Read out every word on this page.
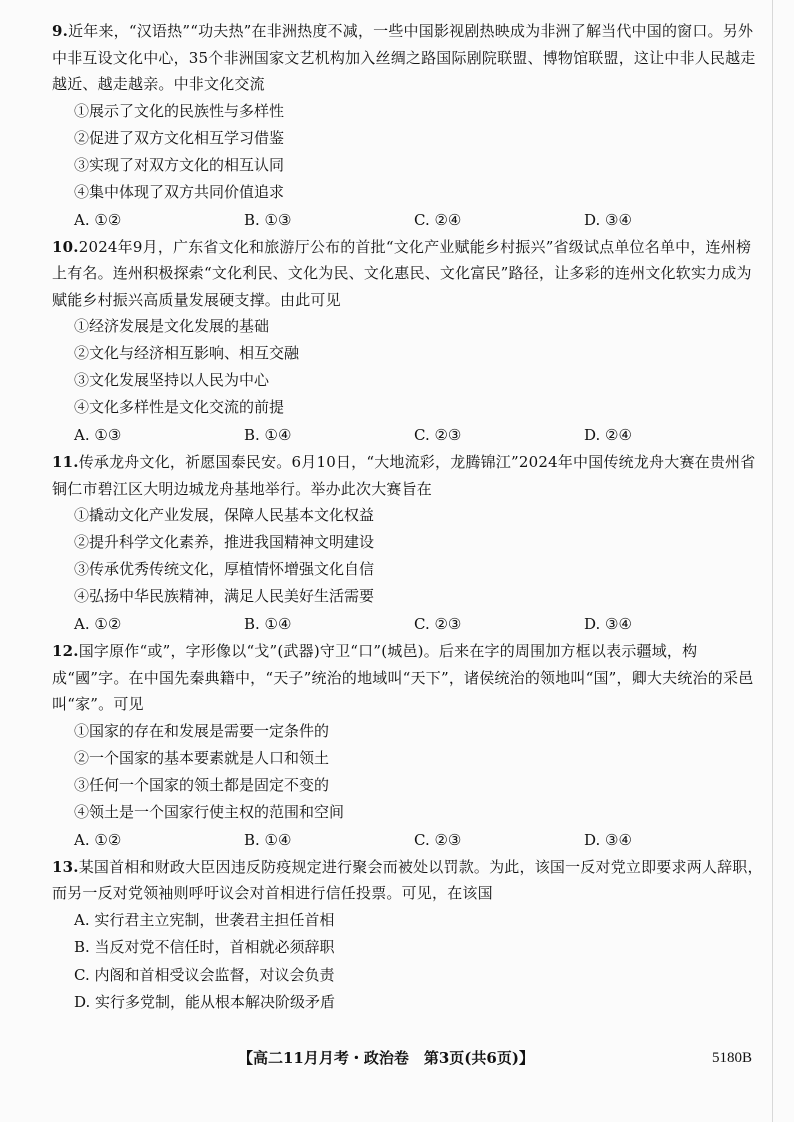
9.近年来，“汉语热”“功夫热”在非洲热度不减，一些中国影视剧热映成为非洲了解当代中国的窗口。另外中非互设文化中心，35个非洲国家文艺机构加入丝绸之路国际剧院联盟、博物馆联盟，这让中非人民越走越近、越走越亲。中非文化交流

①展示了文化的民族性与多样性

②促进了双方文化相互学习借鉴

③实现了对双方文化的相互认同

④集中体现了双方共同价值追求

A. ①②	B. ①③	C. ②④	D. ③④

10.2024年9月，广东省文化和旅游厅公布的首批“文化产业赋能乡村振兴”省级试点单位名单中，连州榜上有名。连州积极探索“文化利民、文化为民、文化惠民、文化富民”路径，让多彩的连州文化软实力成为赋能乡村振兴高质量发展硬支撑。由此可见

①经济发展是文化发展的基础

②文化与经济相互影响、相互交融

③文化发展坚持以人民为中心

④文化多样性是文化交流的前提

A. ①③	B. ①④	C. ②③	D. ②④

11.传承龙舟文化，祈愿国泰民安。6月10日，“大地流彩，龙腾锦江”2024年中国传统龙舟大赛在贵州省铜仁市碧江区大明边城龙舟基地举行。举办此次大赛旨在

①撬动文化产业发展，保障人民基本文化权益

②提升科学文化素养，推进我国精神文明建设

③传承优秀传统文化，厚植情怀增强文化自信

④弘扬中华民族精神，满足人民美好生活需要

A. ①②	B. ①④	C. ②③	D. ③④

12.国字原作“或”，字形像以“戈”(武器)守卫“口”(城邑)。后来在字的周围加方框以表示疆域，构成“國”字。在中国先秦典籍中，“天子”统治的地域叫“天下”，诸侯统治的领地叫“国”，卿大夫统治的采邑叫“家”。可见

①国家的存在和发展是需要一定条件的

②一个国家的基本要素就是人口和领土

③任何一个国家的领土都是固定不变的

④领土是一个国家行使主权的范围和空间

A. ①②	B. ①④	C. ②③	D. ③④

13.某国首相和财政大臣因违反防疫规定进行聚会而被处以罚款。为此，该国一反对党立即要求两人辞职，而另一反对党领袖则呼吁议会对首相进行信任投票。可见，在该国

A. 实行君主立宪制，世袭君主担任首相

B. 当反对党不信任时，首相就必须辞职

C. 内阁和首相受议会监督，对议会负责

D. 实行多党制，能从根本解决阶级矛盾

【高二11月月考・政治卷　第3页(共6页)】	5180B
